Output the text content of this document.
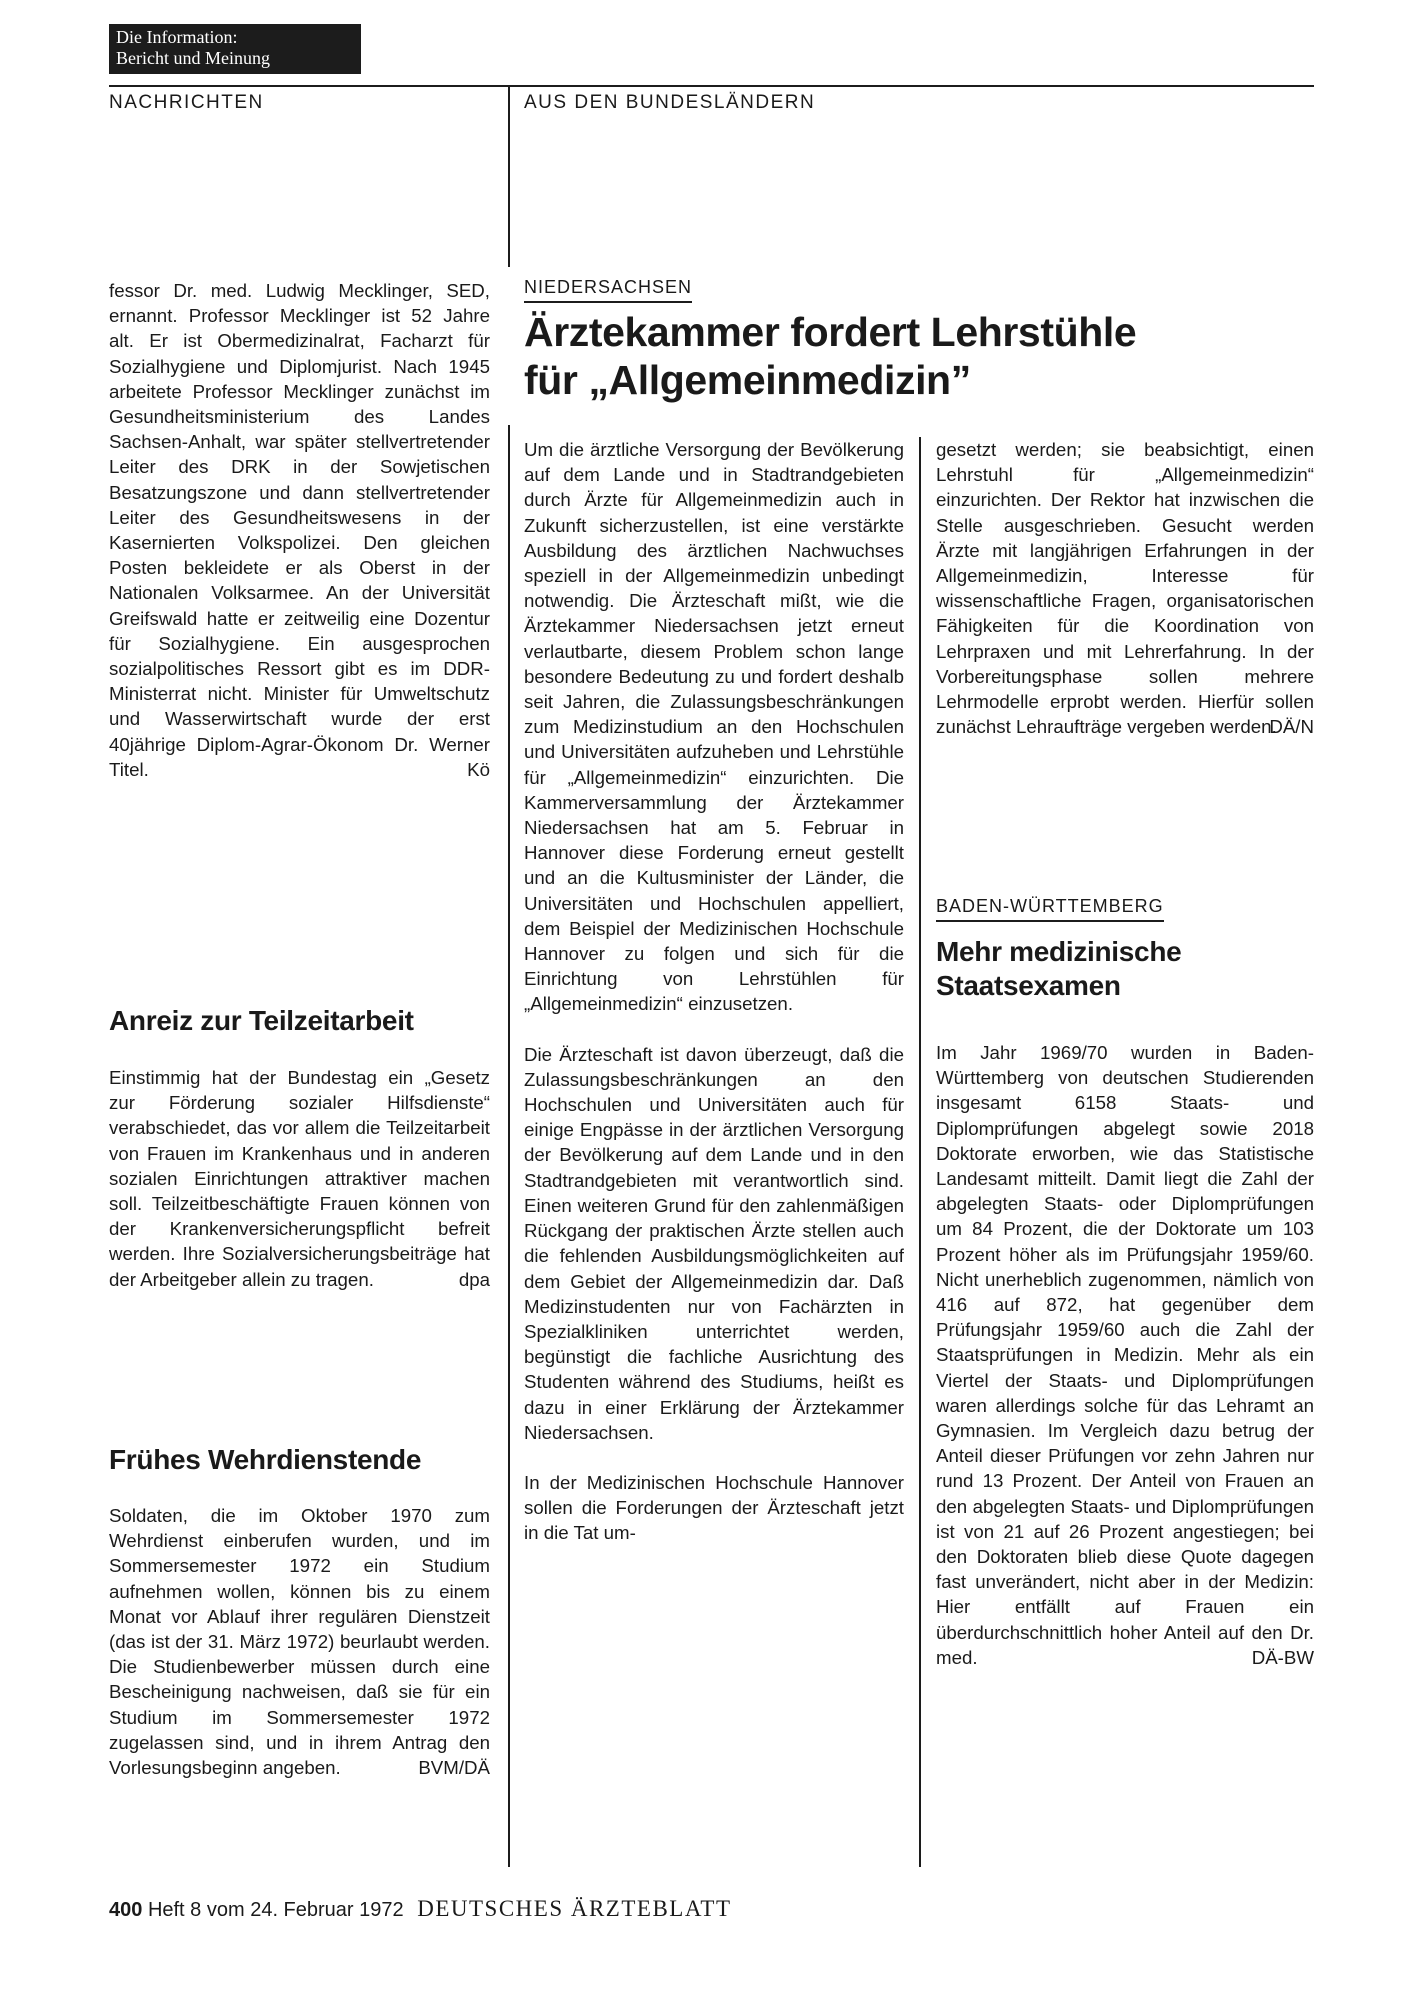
Die Information:
Bericht und Meinung
NACHRICHTEN	AUS DEN BUNDESLÄNDERN

fessor Dr. med. Ludwig Mecklinger, SED, ernannt. Professor Mecklinger ist 52 Jahre alt. Er ist Obermedizinalrat, Facharzt für Sozialhygiene und Diplomjurist. Nach 1945 arbeitete Professor Mecklinger zunächst im Gesundheitsministerium des Landes Sachsen-Anhalt, war später stellvertretender Leiter des DRK in der Sowjetischen Besatzungszone und dann stellvertretender Leiter des Gesundheitswesens in der Kasernierten Volkspolizei. Den gleichen Posten bekleidete er als Oberst in der Nationalen Volksarmee. An der Universität Greifswald hatte er zeitweilig eine Dozentur für Sozialhygiene. Ein ausgesprochen sozialpolitisches Ressort gibt es im DDR-Ministerrat nicht. Minister für Umweltschutz und Wasserwirtschaft wurde der erst 40jährige Diplom-Agrar-Ökonom Dr. Werner Titel.	Kö

Anreiz zur Teilzeitarbeit

Einstimmig hat der Bundestag ein „Gesetz zur Förderung sozialer Hilfsdienste“ verabschiedet, das vor allem die Teilzeitarbeit von Frauen im Krankenhaus und in anderen sozialen Einrichtungen attraktiver machen soll. Teilzeitbeschäftigte Frauen können von der Krankenversicherungspflicht befreit werden. Ihre Sozialversicherungsbeiträge hat der Arbeitgeber allein zu tragen.	dpa

Frühes Wehrdienstende

Soldaten, die im Oktober 1970 zum Wehrdienst einberufen wurden, und im Sommersemester 1972 ein Studium aufnehmen wollen, können bis zu einem Monat vor Ablauf ihrer regulären Dienstzeit (das ist der 31. März 1972) beurlaubt werden. Die Studienbewerber müssen durch eine Bescheinigung nachweisen, daß sie für ein Studium im Sommersemester 1972 zugelassen sind, und in ihrem Antrag den Vorlesungsbeginn angeben.	BVM/DÄ

NIEDERSACHSEN
Ärztekammer fordert Lehrstühle
für „Allgemeinmedizin”

Um die ärztliche Versorgung der Bevölkerung auf dem Lande und in Stadtrandgebieten durch Ärzte für Allgemeinmedizin auch in Zukunft sicherzustellen, ist eine verstärkte Ausbildung des ärztlichen Nachwuchses speziell in der Allgemeinmedizin unbedingt notwendig. Die Ärzteschaft mißt, wie die Ärztekammer Niedersachsen jetzt erneut verlautbarte, diesem Problem schon lange besondere Bedeutung zu und fordert deshalb seit Jahren, die Zulassungsbeschränkungen zum Medizinstudium an den Hochschulen und Universitäten aufzuheben und Lehrstühle für „Allgemeinmedizin“ einzurichten. Die Kammerversammlung der Ärztekammer Niedersachsen hat am 5. Februar in Hannover diese Forderung erneut gestellt und an die Kultusminister der Länder, die Universitäten und Hochschulen appelliert, dem Beispiel der Medizinischen Hochschule Hannover zu folgen und sich für die Einrichtung von Lehrstühlen für „Allgemeinmedizin“ einzusetzen.

Die Ärzteschaft ist davon überzeugt, daß die Zulassungsbeschränkungen an den Hochschulen und Universitäten auch für einige Engpässe in der ärztlichen Versorgung der Bevölkerung auf dem Lande und in den Stadtrandgebieten mit verantwortlich sind. Einen weiteren Grund für den zahlenmäßigen Rückgang der praktischen Ärzte stellen auch die fehlenden Ausbildungsmöglichkeiten auf dem Gebiet der Allgemeinmedizin dar. Daß Medizinstudenten nur von Fachärzten in Spezialkliniken unterrichtet werden, begünstigt die fachliche Ausrichtung des Studenten während des Studiums, heißt es dazu in einer Erklärung der Ärztekammer Niedersachsen.

In der Medizinischen Hochschule Hannover sollen die Forderungen der Ärzteschaft jetzt in die Tat um-

gesetzt werden; sie beabsichtigt, einen Lehrstuhl für „Allgemeinmedizin“ einzurichten. Der Rektor hat inzwischen die Stelle ausgeschrieben. Gesucht werden Ärzte mit langjährigen Erfahrungen in der Allgemeinmedizin, Interesse für wissenschaftliche Fragen, organisatorischen Fähigkeiten für die Koordination von Lehrpraxen und mit Lehrerfahrung. In der Vorbereitungsphase sollen mehrere Lehrmodelle erprobt werden. Hierfür sollen zunächst Lehraufträge vergeben werden.
DÄ/N

BADEN-WÜRTTEMBERG
Mehr medizinische
Staatsexamen

Im Jahr 1969/70 wurden in Baden-Württemberg von deutschen Studierenden insgesamt 6158 Staats- und Diplomprüfungen abgelegt sowie 2018 Doktorate erworben, wie das Statistische Landesamt mitteilt. Damit liegt die Zahl der abgelegten Staats- oder Diplomprüfungen um 84 Prozent, die der Doktorate um 103 Prozent höher als im Prüfungsjahr 1959/60. Nicht unerheblich zugenommen, nämlich von 416 auf 872, hat gegenüber dem Prüfungsjahr 1959/60 auch die Zahl der Staatsprüfungen in Medizin. Mehr als ein Viertel der Staats- und Diplomprüfungen waren allerdings solche für das Lehramt an Gymnasien. Im Vergleich dazu betrug der Anteil dieser Prüfungen vor zehn Jahren nur rund 13 Prozent. Der Anteil von Frauen an den abgelegten Staats- und Diplomprüfungen ist von 21 auf 26 Prozent angestiegen; bei den Doktoraten blieb diese Quote dagegen fast unverändert, nicht aber in der Medizin: Hier entfällt auf Frauen ein überdurchschnittlich hoher Anteil auf den Dr. med.	DÄ-BW

400 Heft 8 vom 24. Februar 1972 DEUTSCHES ÄRZTEBLATT
